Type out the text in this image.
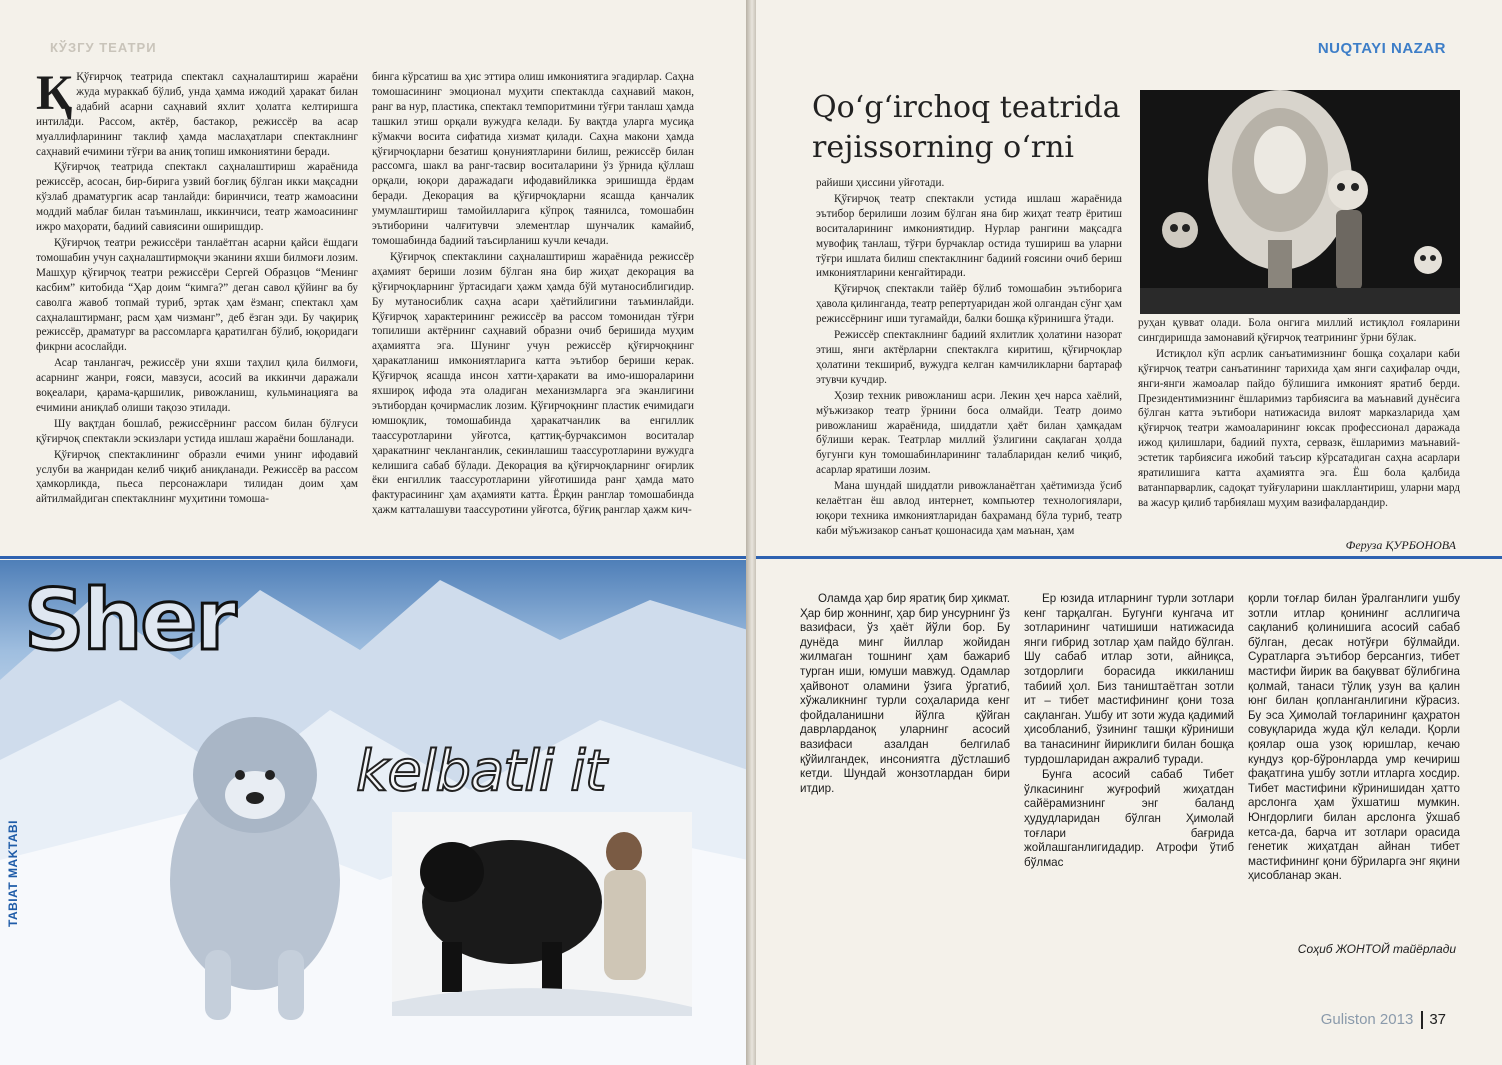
КЎЗГУ ТЕАТРИ

Қ Қўғирчоқ театрида спектакл саҳналаштириш жараёни жуда мураккаб бўлиб, унда ҳамма ижодий ҳаракат билан адабий асарни саҳнавий яхлит ҳолатга келтиришга интилади. Рассом, актёр, бастакор, режиссёр ва асар муаллифларининг таклиф ҳамда маслаҳатлари спектаклнинг саҳнавий ечимини тўғри ва аниқ топиш имкониятини беради.

Қўғирчоқ театрида спектакл саҳналаштириш жараёнида режиссёр, асосан, бир-бирига узвий боғлиқ бўлган икки мақсадни кўзлаб драматургик асар танлайди: биринчиси, театр жамоасини моддий маблағ билан таъминлаш, иккинчиси, театр жамоасининг ижро маҳорати, бадиий савиясини оширишдир.

Қўғирчоқ театри режиссёри танлаётган асарни қайси ёшдаги томошабин учун саҳналаштирмоқчи эканини яхши билмоғи лозим. Машҳур қўғирчоқ театри режиссёри Сергей Образцов “Менинг касбим” китобида “Ҳар доим “кимга?” деган савол қўйинг ва бу саволга жавоб топмай туриб, эртак ҳам ёзманг, спектакл ҳам саҳналаштирманг, расм ҳам чизманг”, деб ёзган эди. Бу чақириқ режиссёр, драматург ва рассомларга қаратилган бўлиб, юқоридаги фикрни асослайди.

Асар танлангач, режиссёр уни яхши таҳлил қила билмоғи, асарнинг жанри, ғояси, мавзуси, асосий ва иккинчи даражали воқеалари, қарама-қаршилик, ривожланиш, кульминацияга ва ечимини аниқлаб олиши тақозо этилади.

Шу вақтдан бошлаб, режиссёрнинг рассом билан бўлғуси қўғирчоқ спектакли эскизлари устида ишлаш жараёни бошланади.

Қўғирчоқ спектаклининг образли ечими унинг ифодавий услуби ва жанридан келиб чиқиб аниқланади. Режиссёр ва рассом ҳамкорликда, пьеса персонажлари тилидан доим ҳам айтилмайдиган спектаклнинг муҳитини томоша-

бинга кўрсатиш ва ҳис эттира олиш имкониятига эгадирлар. Саҳна томошасининг эмоционал муҳити спектаклда саҳнавий макон, ранг ва нур, пластика, спектакл темпоритмини тўғри танлаш ҳамда ташкил этиш орқали вужудга келади. Бу вақтда уларга мусиқа кўмакчи восита сифатида хизмат қилади. Саҳна макони ҳамда қўғирчоқларни безатиш қонуниятларини билиш, режиссёр билан рассомга, шакл ва ранг-тасвир воситаларини ўз ўрнида қўллаш орқали, юқори даражадаги ифодавийликка эришишда ёрдам беради. Декорация ва қўғирчоқларни ясашда қанчалик умумлаштириш тамойилларига кўпроқ таянилса, томошабин эътиборини чалғитувчи элементлар шунчалик камайиб, томошабинда бадиий таъсирланиш кучли кечади.

Қўғирчоқ спектаклини саҳналаштириш жараёнида режиссёр аҳамият бериши лозим бўлган яна бир жиҳат декорация ва қўғирчоқларнинг ўртасидаги ҳажм ҳамда бўй мутаносиблигидир. Бу мутаносиблик саҳна асари ҳаётийлигини таъминлайди. Қўғирчоқ характерининг режиссёр ва рассом томонидан тўғри топилиши актёрнинг саҳнавий образни очиб беришида муҳим аҳамиятга эга. Шунинг учун режиссёр қўғирчоқнинг ҳаракатланиш имкониятларига катта эътибор бериши керак. Қўғирчоқ ясашда инсон хатти-ҳаракати ва имо-ишораларини яхшироқ ифода эта оладиган механизмларга эга эканлигини эътибордан қочирмаслик лозим. Қўғирчоқнинг пластик ечимидаги юмшоқлик, томошабинда ҳаракатчанлик ва енгиллик таассуротларини уйғотса, қаттиқ-бурчаксимон воситалар ҳаракатнинг чекланганлик, секинлашиш таассуротларини вужудга келишига сабаб бўлади. Декорация ва қўғирчоқларнинг оғирлик ёки енгиллик таассуротларини уйғотишида ранг ҳамда мато фактурасининг ҳам аҳамияти катта. Ёрқин ранглар томошабинда ҳажм катталашуви таассуротини уйғотса, бўғиқ ранглар ҳажм кич-

Sher
TABIAT MAKTABI
kelbatli it
NUQTAYI NAZAR
Qo‘g‘irchoq teatrida rejissorning o‘rni

райиши ҳиссини уйғотади.

Қўғирчоқ театр спектакли устида ишлаш жараёнида эътибор берилиши лозим бўлган яна бир жиҳат театр ёритиш воситаларининг имкониятидир. Нурлар рангини мақсадга мувофиқ танлаш, тўғри бурчаклар остида тушириш ва уларни тўғри ишлата билиш спектаклнинг бадиий ғоясини очиб бериш имкониятларини кенгайтиради.

Қўғирчоқ спектакли тайёр бўлиб томошабин эътиборига ҳавола қилинганда, театр репертуаридан жой олгандан сўнг ҳам режиссёрнинг иши тугамайди, балки бошқа кўринишга ўтади.

Режиссёр спектаклнинг бадиий яхлитлик ҳолатини назорат этиш, янги актёрларни спектаклга киритиш, қўғирчоқлар ҳолатини текшириб, вужудга келган камчиликларни бартараф этувчи кучдир.

Ҳозир техник ривожланиш асри. Лекин ҳеч нарса хаёлий, мўъжизакор театр ўрнини боса олмайди. Театр доимо ривожланиш жараёнида, шиддатли ҳаёт билан ҳамқадам бўлиши керак. Театрлар миллий ўзлигини сақлаган ҳолда бугунги кун томошабинларининг талабларидан келиб чиқиб, асарлар яратиши лозим.

Мана шундай шиддатли ривожланаётган ҳаётимизда ўсиб келаётган ёш авлод интернет, компьютер технологиялари, юқори техника имкониятларидан баҳраманд бўла туриб, театр каби мўъжизакор санъат қошонасида ҳам маънан, ҳам

руҳан қувват олади. Бола онгига миллий истиқлол ғояларини сингдиришда замонавий қўғирчоқ театрининг ўрни бўлак.

Истиқлол кўп асрлик санъатимизнинг бошқа соҳалари каби қўғирчоқ театри санъатининг тарихида ҳам янги саҳифалар очди, янги-янги жамоалар пайдо бўлишига имконият яратиб берди. Президентимизнинг ёшларимиз тарбиясига ва маънавий дунёсига бўлган катта эътибори натижасида вилоят марказларида ҳам қўғирчоқ театри жамоаларининг юксак профессионал даражада ижод қилишлари, бадиий пухта, сервазк, ёшларимиз маънавий-эстетик тарбиясига ижобий таъсир кўрсатадиган саҳна асарлари яратилишига катта аҳамиятга эга. Ёш бола қалбида ватанпарварлик, садоқат туйғуларини шакллантириш, уларни мард ва жасур қилиб тарбиялаш муҳим вазифалардандир.

Феруза ҚУРБОНОВА

Оламда ҳар бир яратиқ бир ҳикмат. Ҳар бир жоннинг, ҳар бир унсурнинг ўз вазифаси, ўз ҳаёт йўли бор. Бу дунёда минг йиллар жойидан жилмаган тошнинг ҳам бажариб турган иши, юмуши мавжуд. Одамлар ҳайвонот оламини ўзига ўргатиб, хўжаликнинг турли соҳаларида кенг фойдаланишни йўлга қўйган даврларданоқ уларнинг асосий вазифаси азалдан белгилаб қўйилгандек, инсониятга дўстлашиб кетди. Шундай жонзотлардан бири итдир.

Ер юзида итларнинг турли зотлари кенг тарқалган. Бугунги кунгача ит зотларининг чатишиши натижасида янги гибрид зотлар ҳам пайдо бўлган. Шу сабаб итлар зоти, айниқса, зотдорлиги борасида иккиланиш табиий ҳол. Биз таништаётган зотли ит – тибет мастифининг қони тоза сақланган. Ушбу ит зоти жуда қадимий ҳисобланиб, ўзининг ташқи кўриниши ва танасининг йириклиги билан бошқа турдошларидан ажралиб туради.

Бунга асосий сабаб Тибет ўлкасининг жуғрофий жиҳатдан сайёрамизнинг энг баланд ҳудудларидан бўлган Ҳимолай тоғлари бағрида жойлашганлигидадир. Атрофи ўтиб бўлмас

қорли тоғлар билан ўралганлиги ушбу зотли итлар қонининг асллигича сақланиб қолинишига асосий сабаб бўлган, десак нотўғри бўлмайди. Суратларга эътибор берсангиз, тибет мастифи йирик ва бақувват бўлибгина қолмай, танаси тўлиқ узун ва қалин юнг билан қопланганлигини кўрасиз. Бу эса Ҳимолай тоғларининг қаҳратон совуқларида жуда қўл келади. Қорли қоялар оша узоқ юришлар, кечаю кундуз қор-бўронларда умр кечириш фақатгина ушбу зотли итларга хосдир. Тибет мастифини кўринишидан ҳатто арслонга ҳам ўхшатиш мумкин. Юнгдорлиги билан арслонга ўхшаб кетса-да, барча ит зотлари орасида генетик жиҳатдан айнан тибет мастифининг қони бўриларга энг яқини ҳисобланар экан.

Соҳиб ЖОНТОЙ тайёрлади
Guliston 2013 37
